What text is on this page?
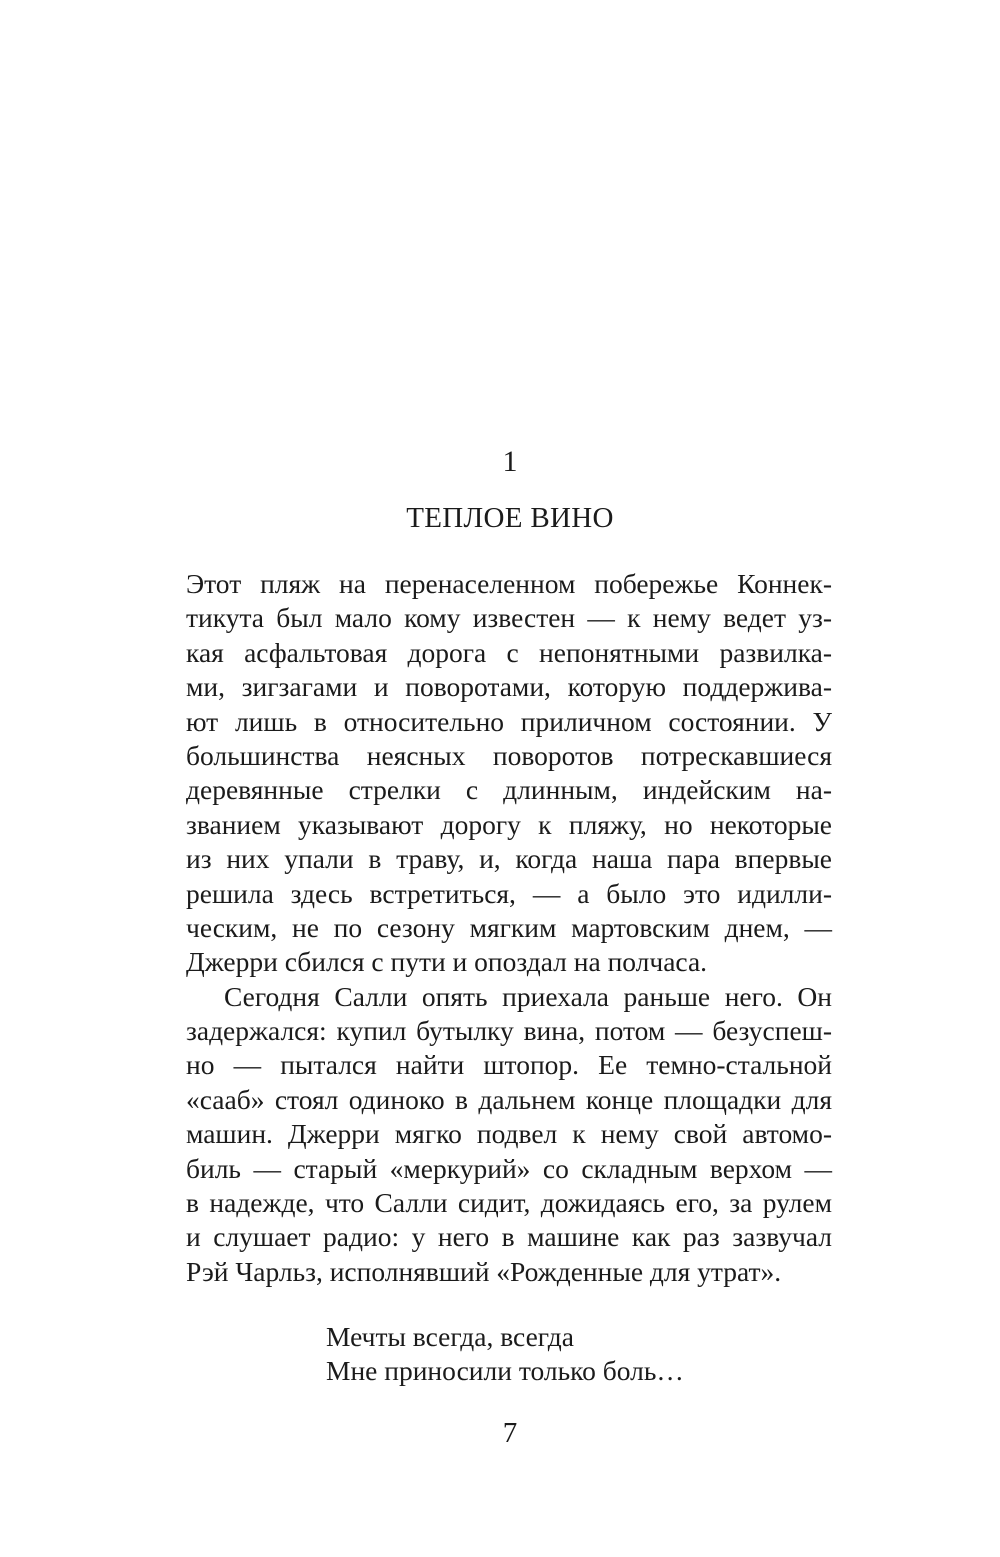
1
ТЕПЛОЕ ВИНО
Этот пляж на перенаселенном побережье Коннек-
тикута был мало кому известен — к нему ведет уз-
кая асфальтовая дорога с непонятными развилка-
ми, зигзагами и поворотами, которую поддержива-
ют лишь в относительно приличном состоянии. У
большинства неясных поворотов потрескавшиеся
деревянные стрелки с длинным, индейским на-
званием указывают дорогу к пляжу, но некоторые
из них упали в траву, и, когда наша пара впервые
решила здесь встретиться, — а было это идилли-
ческим, не по сезону мягким мартовским днем, —
Джерри сбился с пути и опоздал на полчаса.
Сегодня Салли опять приехала раньше него. Он
задержался: купил бутылку вина, потом — безуспеш-
но — пытался найти штопор. Ее темно-стальной
«сааб» стоял одиноко в дальнем конце площадки для
машин. Джерри мягко подвел к нему свой автомо-
биль — старый «меркурий» со складным верхом —
в надежде, что Салли сидит, дожидаясь его, за рулем
и слушает радио: у него в машине как раз зазвучал
Рэй Чарльз, исполнявший «Рожденные для утрат».
Мечты всегда, всегда
Мне приносили только боль…
7
